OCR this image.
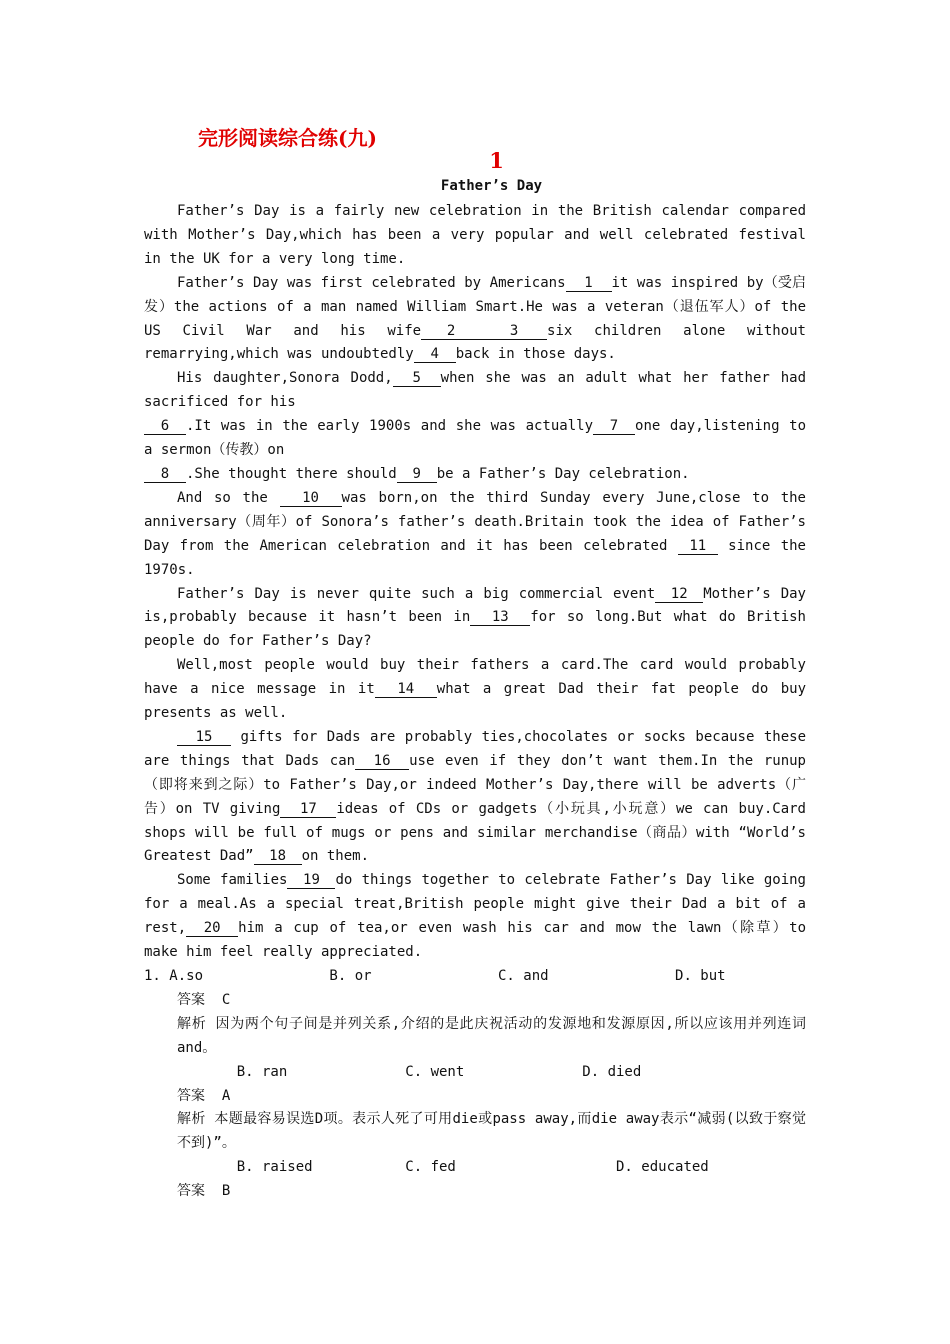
完形阅读综合练(九)
1
Father’s Day

Father’s Day is a fairly new celebration in the British calendar compared with Mother’s Day,which has been a very popular and well celebrated festival in the UK for a very long time.

Father’s Day was first celebrated by Americans 1 it was inspired by（受启发）the actions of a man named William Smart.He was a veteran（退伍军人）of the US Civil War and his wife 2	3 six children alone without remarrying,which was undoubtedly 4 back in those days.

His daughter,Sonora Dodd, 5 when she was an adult what her father had sacrificed for his

6 .It was in the early 1900s and she was actually 7 one day,listening to a sermon（传教）on

8 .She thought there should 9 be a Father’s Day celebration.

And so the 10 was born,on the third Sunday every June,close to the anniversary（周年）of Sonora’s father’s death.Britain took the idea of Father’s Day from the American celebration and it has been celebrated 11 since the 1970s.

Father’s Day is never quite such a big commercial event 12 Mother’s Day is,probably because it hasn’t been in 13 for so long.But what do British people do for Father’s Day?

Well,most people would buy their fathers a card.The card would probably have a nice message in it 14 what a great Dad their fat people do buy presents as well.

15 gifts for Dads are probably ties,chocolates or socks because these are things that Dads can 16 use even if they don’t want them.In the runup（即将来到之际）to Father’s Day,or indeed Mother’s Day,there will be adverts（广告）on TV giving 17 ideas of CDs or gadgets（小玩具,小玩意）we can buy.Card shops will be full of mugs or pens and similar merchandise（商品）with “World’s Greatest Dad” 18 on them.

Some families 19 do things together to celebrate Father’s Day like going for a meal.As a special treat,British people might give their Dad a bit of a rest, 20 him a cup of tea,or even wash his car and mow the lawn（除草）to make him feel really appreciated.

1. A.so               B. or               C. and               D. but

答案  C

解析 因为两个句子间是并列关系,介绍的是此庆祝活动的发源地和发源原因,所以应该用并列连词and。

B. ran              C. went              D. died

答案  A

解析 本题最容易误选D项。表示人死了可用die或pass away,而die away表示“减弱(以致于察觉不到)”。

B. raised           C. fed                   D. educated

答案  B
